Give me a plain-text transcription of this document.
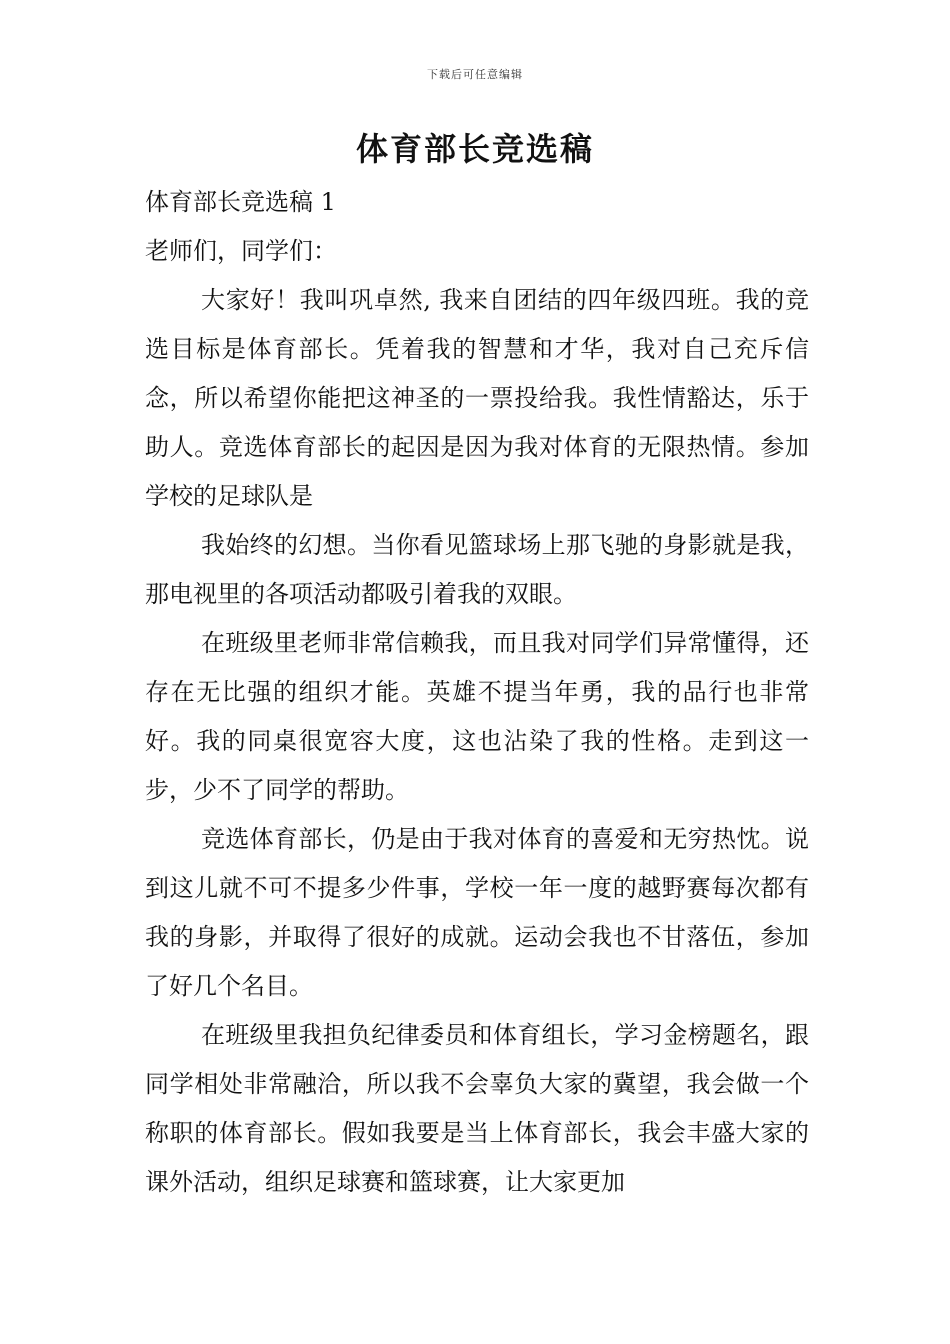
下载后可任意编辑
体育部长竞选稿

体育部长竞选稿 1

老师们，同学们：

大家好！我叫巩卓然, 我来自团结的四年级四班。我的竞选目标是体育部长。凭着我的智慧和才华，我对自己充斥信念，所以希望你能把这神圣的一票投给我。我性情豁达，乐于助人。竞选体育部长的起因是因为我对体育的无限热情。参加学校的足球队是

我始终的幻想。当你看见篮球场上那飞驰的身影就是我，那电视里的各项活动都吸引着我的双眼。

在班级里老师非常信赖我，而且我对同学们异常懂得，还存在无比强的组织才能。英雄不提当年勇，我的品行也非常好。我的同桌很宽容大度，这也沾染了我的性格。走到这一步，少不了同学的帮助。

竞选体育部长，仍是由于我对体育的喜爱和无穷热忱。说到这儿就不可不提多少件事，学校一年一度的越野赛每次都有我的身影，并取得了很好的成就。运动会我也不甘落伍，参加了好几个名目。

在班级里我担负纪律委员和体育组长，学习金榜题名，跟同学相处非常融洽，所以我不会辜负大家的冀望，我会做一个称职的体育部长。假如我要是当上体育部长，我会丰盛大家的课外活动，组织足球赛和篮球赛，让大家更加
